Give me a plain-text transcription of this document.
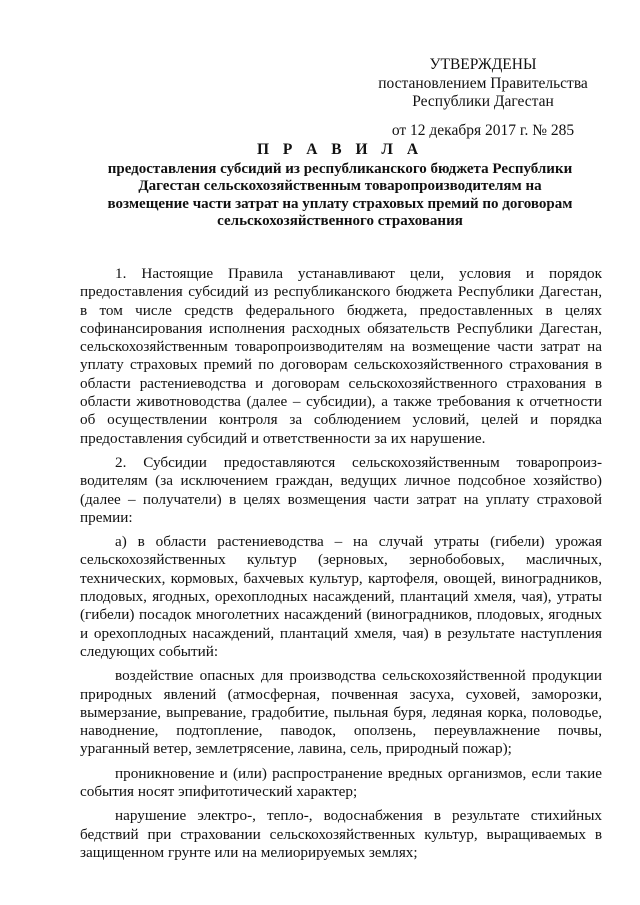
УТВЕРЖДЕНЫ
постановлением Правительства
Республики Дагестан
от 12 декабря 2017 г. № 285
П Р А В И Л А
предоставления субсидий из республиканского бюджета Республики Дагестан сельскохозяйственным товаропроизводителям на возмещение части затрат на уплату страховых премий по договорам сельскохозяйственного страхования

1. Настоящие Правила устанавливают цели, условия и порядок предоставления субсидий из республиканского бюджета Республики Дагестан, в том числе средств федерального бюджета, предоставленных в целях софинансирования исполнения расходных обязательств Республики Дагестан, сельскохозяйственным товаропроизводителям на возмещение части затрат на уплату страховых премий по договорам сельскохозяйственного страхования в области растениеводства и договорам сельскохозяйственного страхования в области животноводства (далее – субсидии), а также требования к отчетности об осуществлении контроля за соблюдением условий, целей и порядка предоставления субсидий и ответственности за их нарушение.

2. Субсидии предоставляются сельскохозяйственным товаропроизводителям (за исключением граждан, ведущих личное подсобное хозяйство) (далее – получатели) в целях возмещения части затрат на уплату страховой премии:

а) в области растениеводства – на случай утраты (гибели) урожая сельскохозяйственных культур (зерновых, зернобобовых, масличных, технических, кормовых, бахчевых культур, картофеля, овощей, виноградников, плодовых, ягодных, орехоплодных насаждений, плантаций хмеля, чая), утраты (гибели) посадок многолетних насаждений (виноградников, плодовых, ягодных и орехоплодных насаждений, плантаций хмеля, чая) в результате наступления следующих событий:

воздействие опасных для производства сельскохозяйственной продукции природных явлений (атмосферная, почвенная засуха, суховей, заморозки, вымерзание, выпревание, градобитие, пыльная буря, ледяная корка, половодье, наводнение, подтопление, паводок, оползень, переувлажнение почвы, ураганный ветер, землетрясение, лавина, сель, природный пожар);

проникновение и (или) распространение вредных организмов, если такие события носят эпифитотический характер;

нарушение электро-, тепло-, водоснабжения в результате стихийных бедствий при страховании сельскохозяйственных культур, выращиваемых в защищенном грунте или на мелиорируемых землях;
